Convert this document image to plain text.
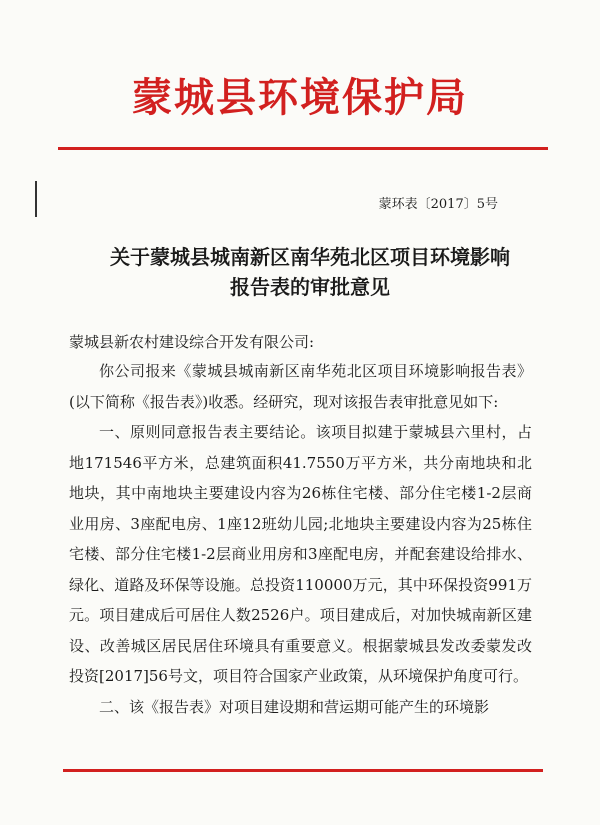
蒙城县环境保护局
蒙环表〔2017〕5号
关于蒙城县城南新区南华苑北区项目环境影响
报告表的审批意见
蒙城县新农村建设综合开发有限公司:

你公司报来《蒙城县城南新区南华苑北区项目环境影响报告表》(以下简称《报告表》)收悉。经研究，现对该报告表审批意见如下:

一、原则同意报告表主要结论。该项目拟建于蒙城县六里村，占地171546平方米，总建筑面积41.7550万平方米，共分南地块和北地块，其中南地块主要建设内容为26栋住宅楼、部分住宅楼1-2层商业用房、3座配电房、1座12班幼儿园;北地块主要建设内容为25栋住宅楼、部分住宅楼1-2层商业用房和3座配电房，并配套建设给排水、绿化、道路及环保等设施。总投资110000万元，其中环保投资991万元。项目建成后可居住人数2526户。项目建成后，对加快城南新区建设、改善城区居民居住环境具有重要意义。根据蒙城县发改委蒙发改投资[2017]56号文，项目符合国家产业政策，从环境保护角度可行。

二、该《报告表》对项目建设期和营运期可能产生的环境影
